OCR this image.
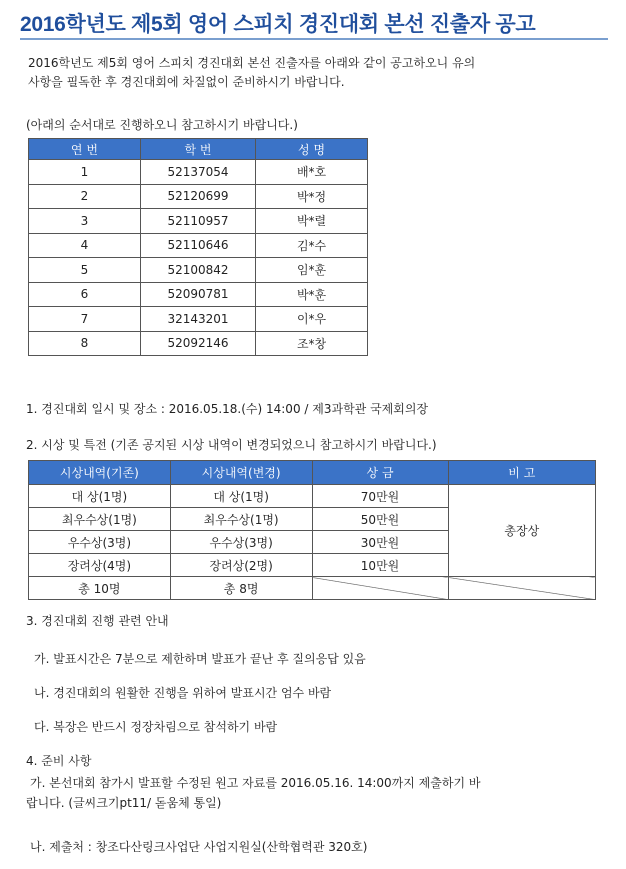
2016학년도 제5회 영어 스피치 경진대회 본선 진출자 공고
2016학년도 제5회 영어 스피치 경진대회 본선 진출자를 아래와 같이 공고하오니 유의
사항을 필독한 후 경진대회에 차질없이 준비하시기 바랍니다.
(아래의 순서대로 진행하오니 참고하시기 바랍니다.)
연 번	학 번	성 명
1	52137054	배*호
2	52120699	박*정
3	52110957	박*렬
4	52110646	김*수
5	52100842	임*훈
6	52090781	박*훈
7	32143201	이*우
8	52092146	조*창
1. 경진대회 일시 및 장소 : 2016.05.18.(수) 14:00 / 제3과학관 국제회의장
2. 시상 및 특전 (기존 공지된 시상 내역이 변경되었으니 참고하시기 바랍니다.)
시상내역(기존)	시상내역(변경)	상 금	비 고
대 상(1명)	대 상(1명)	70만원	총장상
최우수상(1명)	최우수상(1명)	50만원	
우수상(3명)	우수상(3명)	30만원	
장려상(4명)	장려상(2명)	10만원	
총 10명	총 8명		
3. 경진대회 진행 관련 안내
가. 발표시간은 7분으로 제한하며 발표가 끝난 후 질의응답 있음
나. 경진대회의 원활한 진행을 위하여 발표시간 엄수 바람
다. 복장은 반드시 정장차림으로 참석하기 바람
4. 준비 사항
가. 본선대회 참가시 발표할 수정된 원고 자료를 2016.05.16. 14:00까지 제출하기 바
랍니다. (글씨크기pt11/ 돋움체 통일)
나. 제출처 : 창조다산링크사업단 사업지원실(산학협력관 320호)
